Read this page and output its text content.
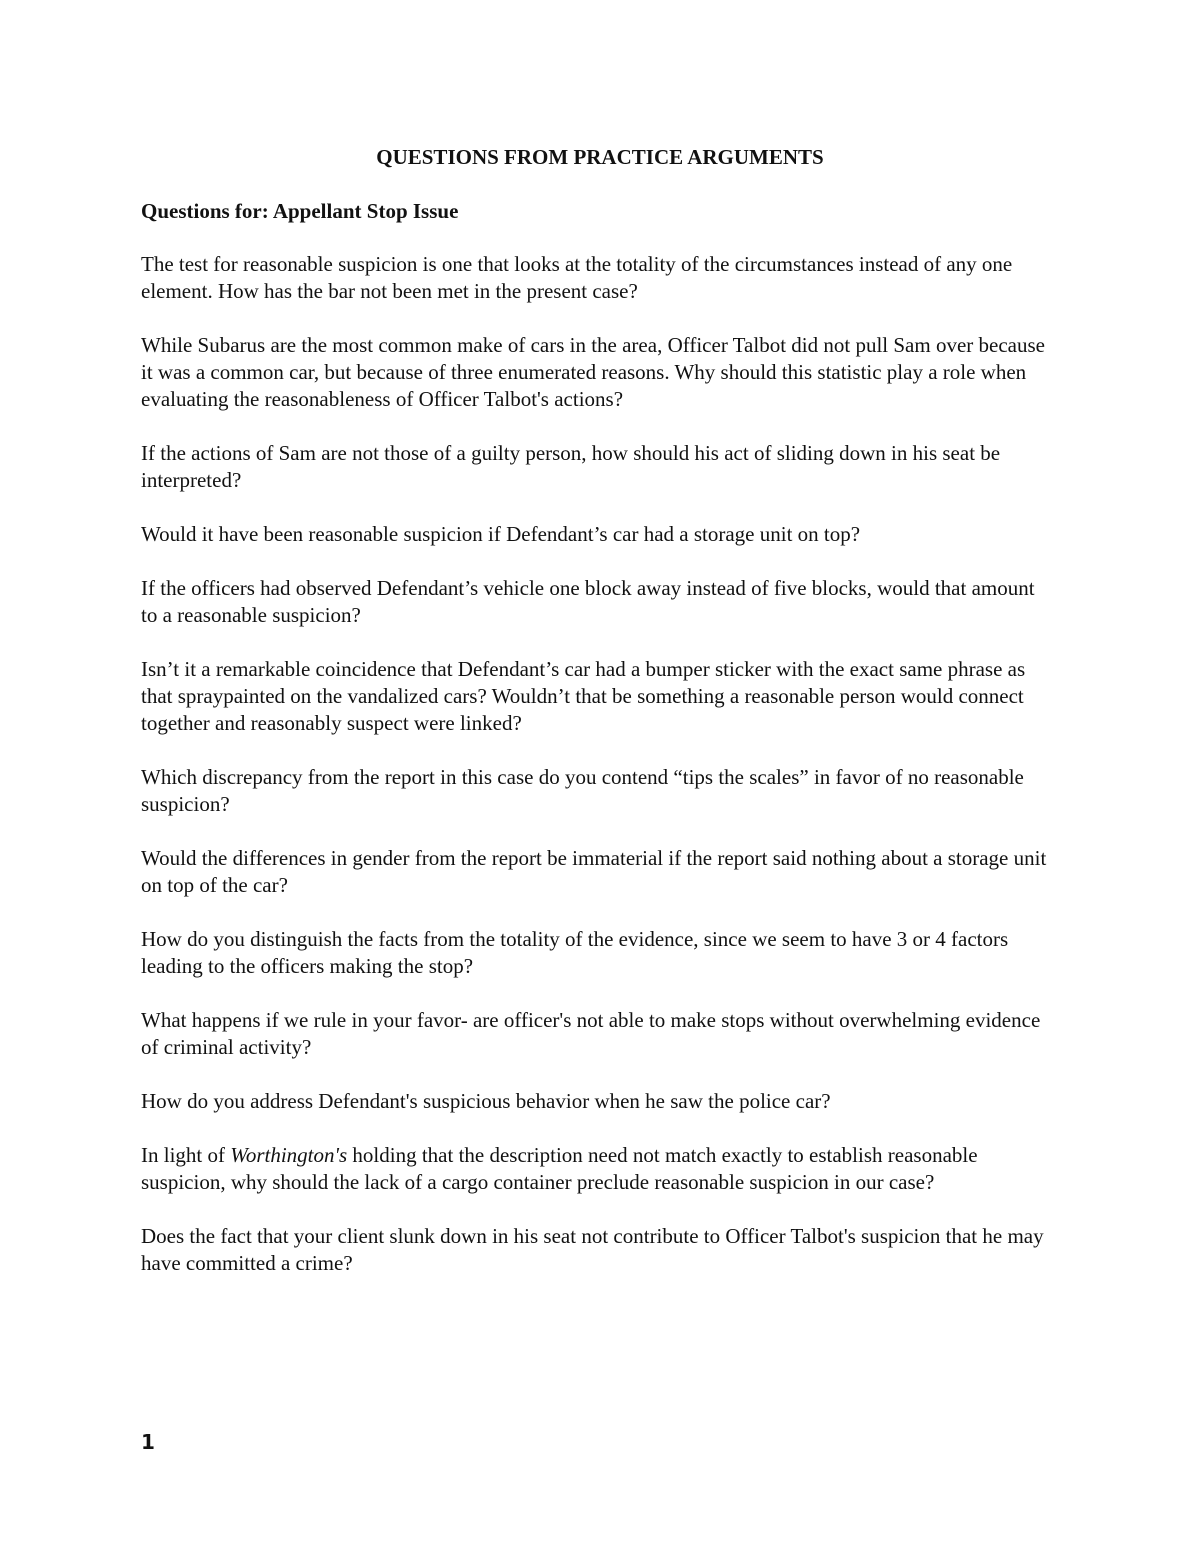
QUESTIONS FROM PRACTICE ARGUMENTS
Questions for: Appellant Stop Issue
The test for reasonable suspicion is one that looks at the totality of the circumstances instead of any one element. How has the bar not been met in the present case?
While Subarus are the most common make of cars in the area, Officer Talbot did not pull Sam over because it was a common car, but because of three enumerated reasons. Why should this statistic play a role when evaluating the reasonableness of Officer Talbot's actions?
If the actions of Sam are not those of a guilty person, how should his act of sliding down in his seat be interpreted?
Would it have been reasonable suspicion if Defendant’s car had a storage unit on top?
If the officers had observed Defendant’s vehicle one block away instead of five blocks, would that amount to a reasonable suspicion?
Isn’t it a remarkable coincidence that Defendant’s car had a bumper sticker with the exact same phrase as that spraypainted on the vandalized cars? Wouldn’t that be something a reasonable person would connect together and reasonably suspect were linked?
Which discrepancy from the report in this case do you contend “tips the scales” in favor of no reasonable suspicion?
Would the differences in gender from the report be immaterial if the report said nothing about a storage unit on top of the car?
How do you distinguish the facts from the totality of the evidence, since we seem to have 3 or 4 factors leading to the officers making the stop?
What happens if we rule in your favor- are officer's not able to make stops without overwhelming evidence of criminal activity?
How do you address Defendant's suspicious behavior when he saw the police car?
In light of Worthington's holding that the description need not match exactly to establish reasonable suspicion, why should the lack of a cargo container preclude reasonable suspicion in our case?
Does the fact that your client slunk down in his seat not contribute to Officer Talbot's suspicion that he may have committed a crime?
1
